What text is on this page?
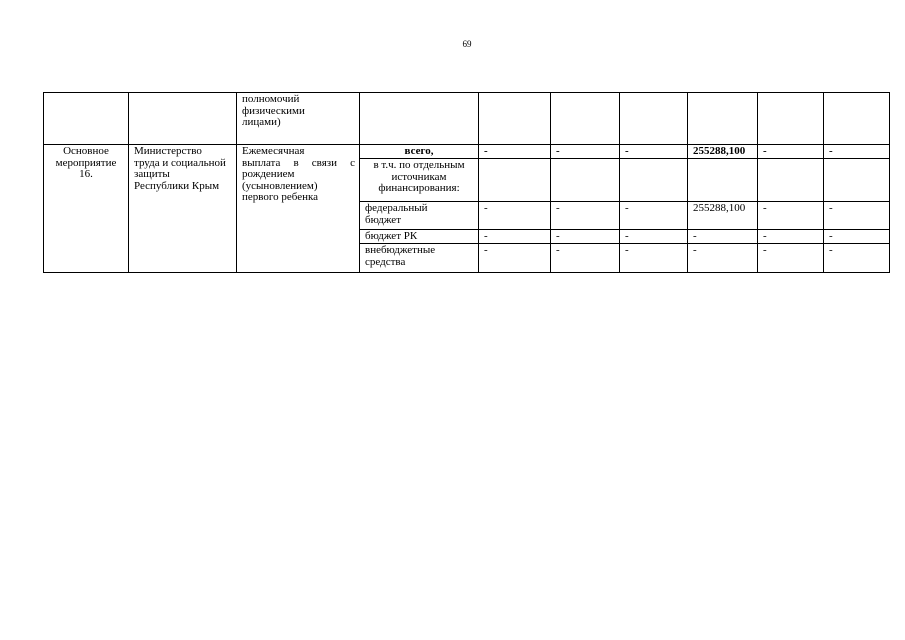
69

		полномочий
физическими
лицами)							

Основное
мероприятие
16.	Министерство
труда и социальной
защиты
Республики Крым	Ежемесячная
выплата в связи с
рождением
(усыновлением)
первого ребенка	всего,	-	-	-	255288,100	-	-

			в т.ч. по отдельным
источникам
финансирования:						

			федеральный
бюджет	-	-	-	255288,100	-	-

			бюджет РК	-	-	-	-	-	-

			внебюджетные
средства	-	-	-	-	-	-
